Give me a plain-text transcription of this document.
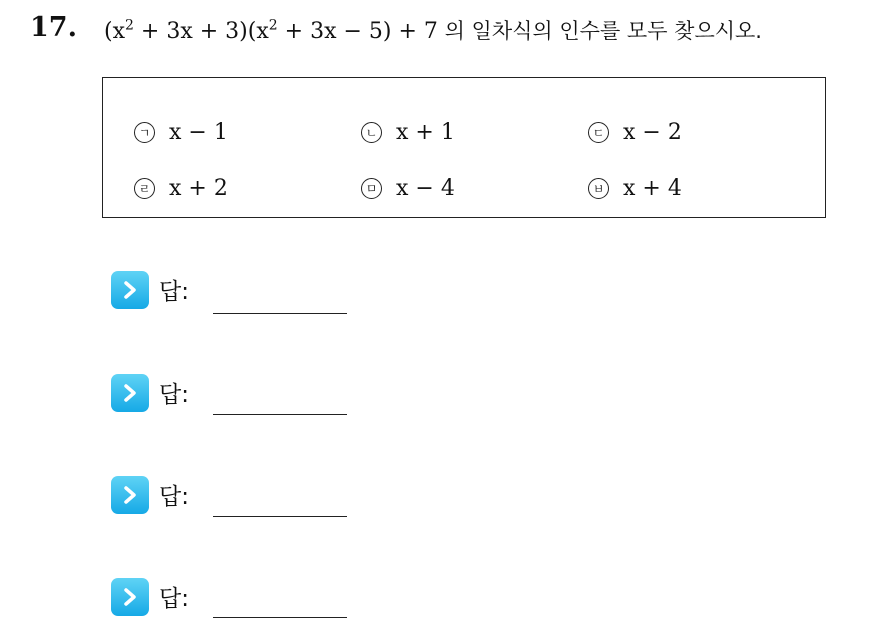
17. $(x^2 + 3x + 3)(x^2 + 3x - 5) + 7$ 의 일차식의 인수를 모두 찾으시오.
ㄱ x − 1	ㄴ x + 1	ㄷ x − 2
ㄹ x + 2	ㅁ x − 4	ㅂ x + 4
답:
답:
답:
답:
